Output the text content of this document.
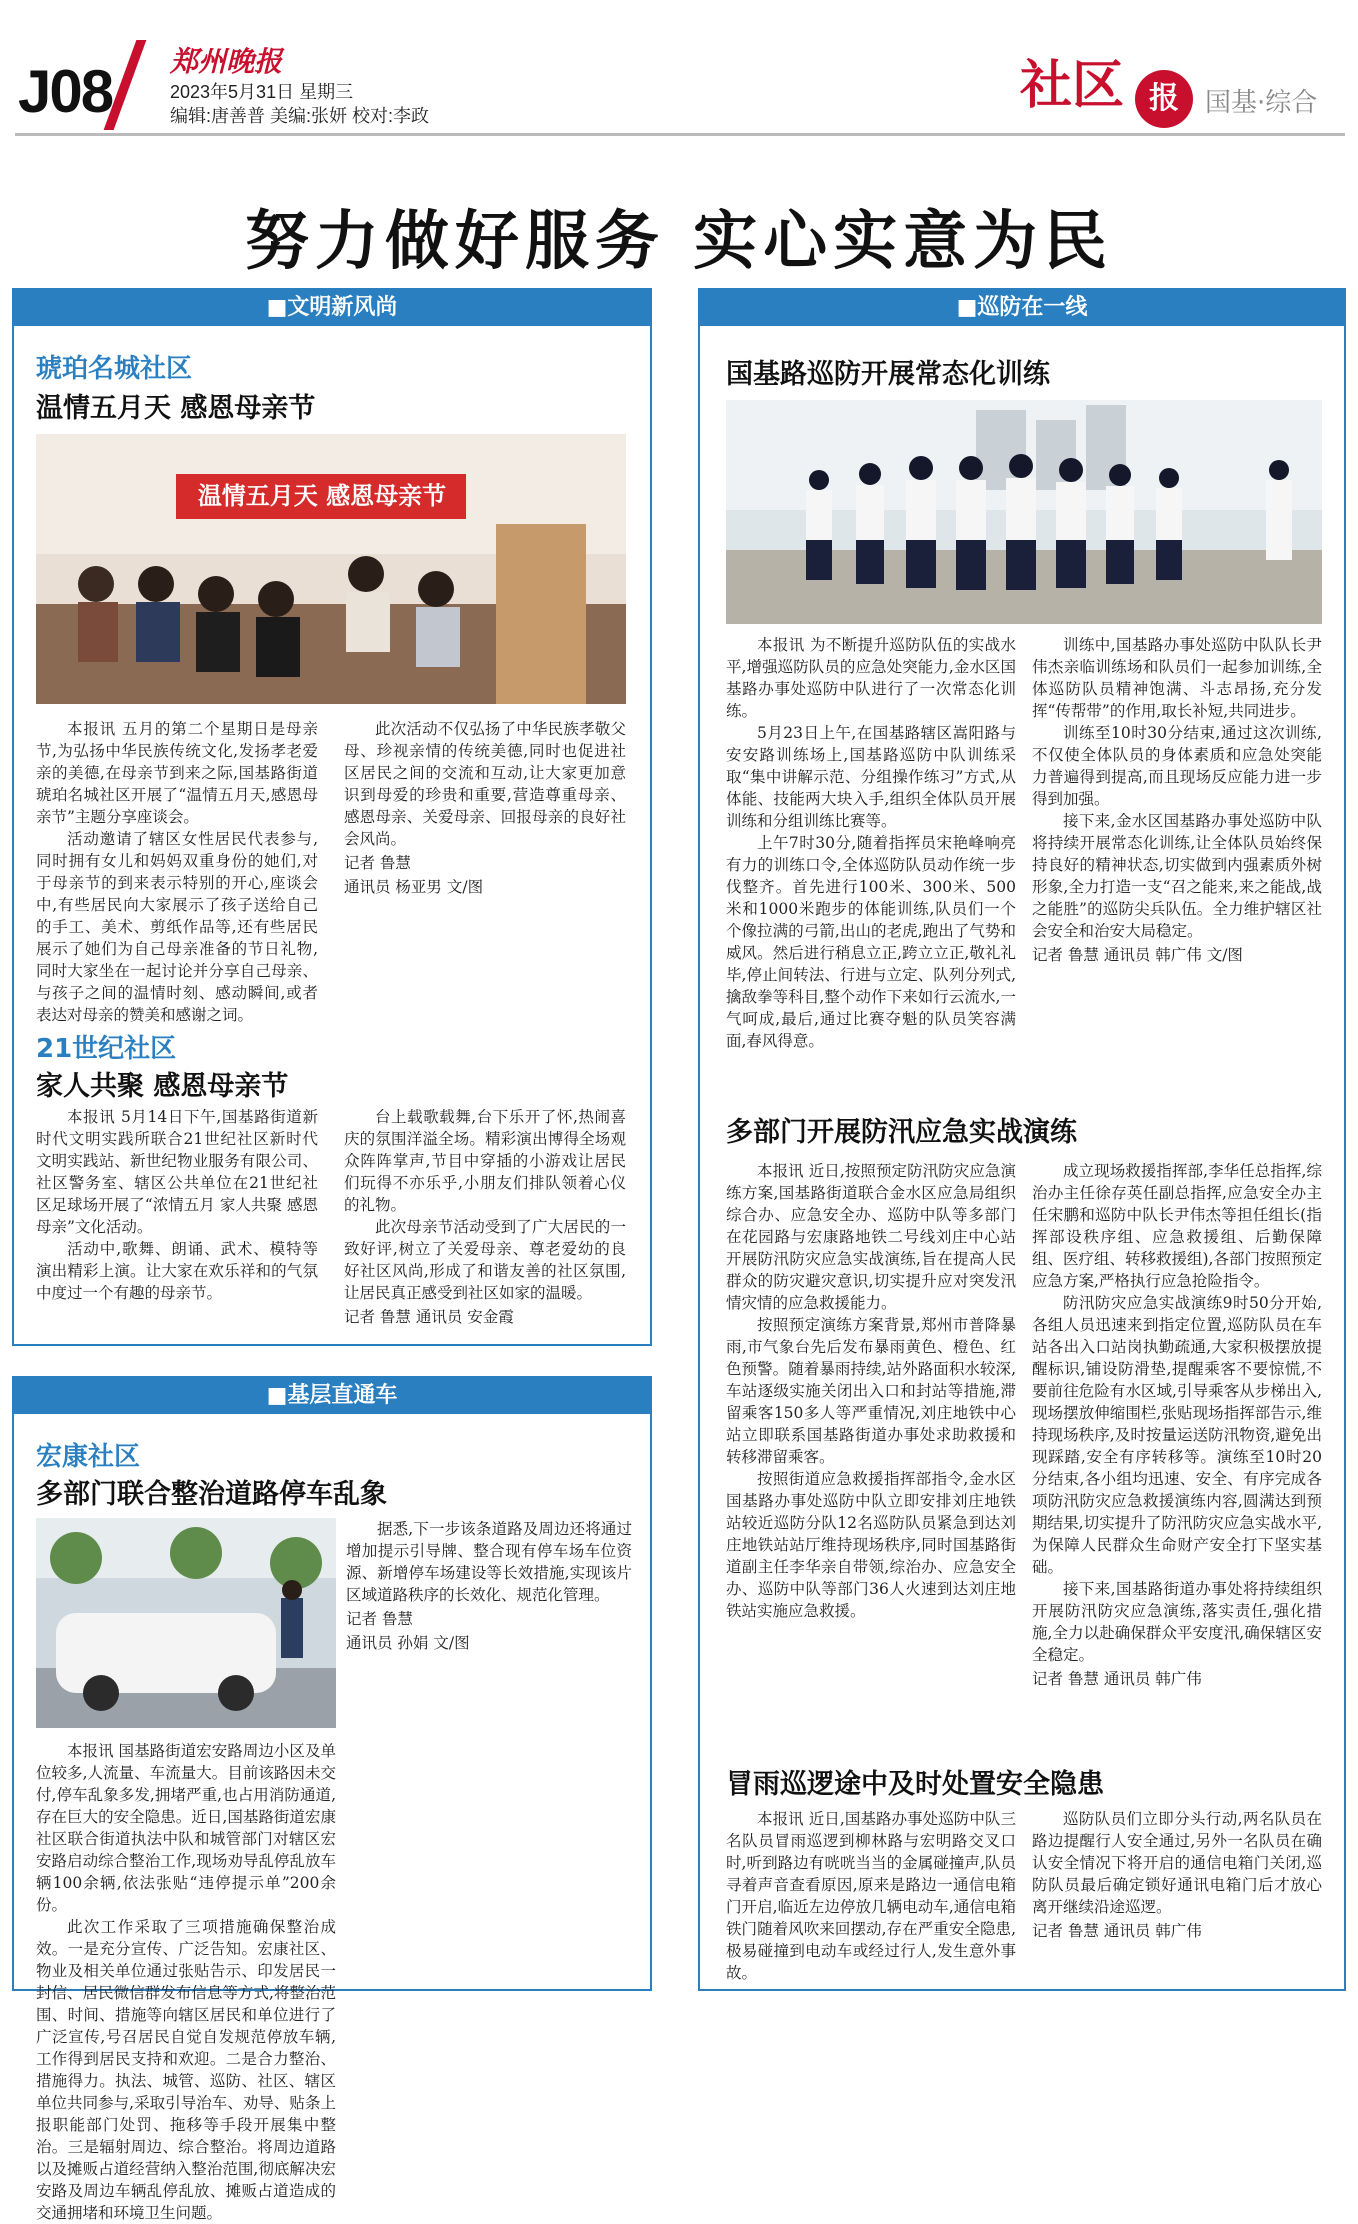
J08 郑州晚报
2023年5月31日 星期三
编辑:唐善普 美编:张妍 校对:李政	社区 报	国基·综合
努力做好服务 实心实意为民
■文明新风尚
琥珀名城社区
温情五月天 感恩母亲节
温情五月天 感恩母亲节

本报讯 五月的第二个星期日是母亲节,为弘扬中华民族传统文化,发扬孝老爱亲的美德,在母亲节到来之际,国基路街道琥珀名城社区开展了“温情五月天,感恩母亲节”主题分享座谈会。

活动邀请了辖区女性居民代表参与,同时拥有女儿和妈妈双重身份的她们,对于母亲节的到来表示特别的开心,座谈会中,有些居民向大家展示了孩子送给自己的手工、美术、剪纸作品等,还有些居民展示了她们为自己母亲准备的节日礼物,同时大家坐在一起讨论并分享自己母亲、与孩子之间的温情时刻、感动瞬间,或者表达对母亲的赞美和感谢之词。

此次活动不仅弘扬了中华民族孝敬父母、珍视亲情的传统美德,同时也促进社区居民之间的交流和互动,让大家更加意识到母爱的珍贵和重要,营造尊重母亲、感恩母亲、关爱母亲、回报母亲的良好社会风尚。

记者 鲁慧

通讯员 杨亚男 文/图

21世纪社区
家人共聚 感恩母亲节

本报讯 5月14日下午,国基路街道新时代文明实践所联合21世纪社区新时代文明实践站、新世纪物业服务有限公司、社区警务室、辖区公共单位在21世纪社区足球场开展了“浓情五月 家人共聚 感恩母亲”文化活动。

活动中,歌舞、朗诵、武术、模特等演出精彩上演。让大家在欢乐祥和的气氛中度过一个有趣的母亲节。

台上载歌载舞,台下乐开了怀,热闹喜庆的氛围洋溢全场。精彩演出博得全场观众阵阵掌声,节目中穿插的小游戏让居民们玩得不亦乐乎,小朋友们排队领着心仪的礼物。

此次母亲节活动受到了广大居民的一致好评,树立了关爱母亲、尊老爱幼的良好社区风尚,形成了和谐友善的社区氛围,让居民真正感受到社区如家的温暖。

记者 鲁慧 通讯员 安金霞

■基层直通车
宏康社区
多部门联合整治道路停车乱象

本报讯 国基路街道宏安路周边小区及单位较多,人流量、车流量大。目前该路因未交付,停车乱象多发,拥堵严重,也占用消防通道,存在巨大的安全隐患。近日,国基路街道宏康社区联合街道执法中队和城管部门对辖区宏安路启动综合整治工作,现场劝导乱停乱放车辆100余辆,依法张贴“违停提示单”200余份。

此次工作采取了三项措施确保整治成效。一是充分宣传、广泛告知。宏康社区、物业及相关单位通过张贴告示、印发居民一封信、居民微信群发布信息等方式,将整治范围、时间、措施等向辖区居民和单位进行了广泛宣传,号召居民自觉自发规范停放车辆,工作得到居民支持和欢迎。二是合力整治、措施得力。执法、城管、巡防、社区、辖区单位共同参与,采取引导治车、劝导、贴条上报职能部门处罚、拖移等手段开展集中整治。三是辐射周边、综合整治。将周边道路以及摊贩占道经营纳入整治范围,彻底解决宏安路及周边车辆乱停乱放、摊贩占道造成的交通拥堵和环境卫生问题。

据悉,下一步该条道路及周边还将通过增加提示引导牌、整合现有停车场车位资源、新增停车场建设等长效措施,实现该片区域道路秩序的长效化、规范化管理。

记者 鲁慧

通讯员 孙娟 文/图

■巡防在一线
国基路巡防开展常态化训练

本报讯 为不断提升巡防队伍的实战水平,增强巡防队员的应急处突能力,金水区国基路办事处巡防中队进行了一次常态化训练。

5月23日上午,在国基路辖区嵩阳路与安安路训练场上,国基路巡防中队训练采取“集中讲解示范、分组操作练习”方式,从体能、技能两大块入手,组织全体队员开展训练和分组训练比赛等。

上午7时30分,随着指挥员宋艳峰响亮有力的训练口令,全体巡防队员动作统一步伐整齐。首先进行100米、300米、500米和1000米跑步的体能训练,队员们一个个像拉满的弓箭,出山的老虎,跑出了气势和威风。然后进行稍息立正,跨立立正,敬礼礼毕,停止间转法、行进与立定、队列分列式,擒敌拳等科目,整个动作下来如行云流水,一气呵成,最后,通过比赛夺魁的队员笑容满面,春风得意。

训练中,国基路办事处巡防中队队长尹伟杰亲临训练场和队员们一起参加训练,全体巡防队员精神饱满、斗志昂扬,充分发挥“传帮带”的作用,取长补短,共同进步。

训练至10时30分结束,通过这次训练,不仅使全体队员的身体素质和应急处突能力普遍得到提高,而且现场反应能力进一步得到加强。

接下来,金水区国基路办事处巡防中队将持续开展常态化训练,让全体队员始终保持良好的精神状态,切实做到内强素质外树形象,全力打造一支“召之能来,来之能战,战之能胜”的巡防尖兵队伍。全力维护辖区社会安全和治安大局稳定。

记者 鲁慧 通讯员 韩广伟 文/图

多部门开展防汛应急实战演练

本报讯 近日,按照预定防汛防灾应急演练方案,国基路街道联合金水区应急局组织综合办、应急安全办、巡防中队等多部门在花园路与宏康路地铁二号线刘庄中心站开展防汛防灾应急实战演练,旨在提高人民群众的防灾避灾意识,切实提升应对突发汛情灾情的应急救援能力。

按照预定演练方案背景,郑州市普降暴雨,市气象台先后发布暴雨黄色、橙色、红色预警。随着暴雨持续,站外路面积水较深,车站逐级实施关闭出入口和封站等措施,滞留乘客150多人等严重情况,刘庄地铁中心站立即联系国基路街道办事处求助救援和转移滞留乘客。

按照街道应急救援指挥部指令,金水区国基路办事处巡防中队立即安排刘庄地铁站较近巡防分队12名巡防队员紧急到达刘庄地铁站站厅维持现场秩序,同时国基路街道副主任李华亲自带领,综治办、应急安全办、巡防中队等部门36人火速到达刘庄地铁站实施应急救援。

成立现场救援指挥部,李华任总指挥,综治办主任徐存英任副总指挥,应急安全办主任宋鹏和巡防中队长尹伟杰等担任组长(指挥部设秩序组、应急救援组、后勤保障组、医疗组、转移救援组),各部门按照预定应急方案,严格执行应急抢险指令。

防汛防灾应急实战演练9时50分开始,各组人员迅速来到指定位置,巡防队员在车站各出入口站岗执勤疏通,大家积极摆放提醒标识,铺设防滑垫,提醒乘客不要惊慌,不要前往危险有水区域,引导乘客从步梯出入,现场摆放伸缩围栏,张贴现场指挥部告示,维持现场秩序,及时按量运送防汛物资,避免出现踩踏,安全有序转移等。演练至10时20分结束,各小组均迅速、安全、有序完成各项防汛防灾应急救援演练内容,圆满达到预期结果,切实提升了防汛防灾应急实战水平,为保障人民群众生命财产安全打下坚实基础。

接下来,国基路街道办事处将持续组织开展防汛防灾应急演练,落实责任,强化措施,全力以赴确保群众平安度汛,确保辖区安全稳定。

记者 鲁慧 通讯员 韩广伟

冒雨巡逻途中及时处置安全隐患

本报讯 近日,国基路办事处巡防中队三名队员冒雨巡逻到柳林路与宏明路交叉口时,听到路边有咣咣当当的金属碰撞声,队员寻着声音查看原因,原来是路边一通信电箱门开启,临近左边停放几辆电动车,通信电箱铁门随着风吹来回摆动,存在严重安全隐患,极易碰撞到电动车或经过行人,发生意外事故。

巡防队员们立即分头行动,两名队员在路边提醒行人安全通过,另外一名队员在确认安全情况下将开启的通信电箱门关闭,巡防队员最后确定锁好通讯电箱门后才放心离开继续沿途巡逻。

记者 鲁慧 通讯员 韩广伟
